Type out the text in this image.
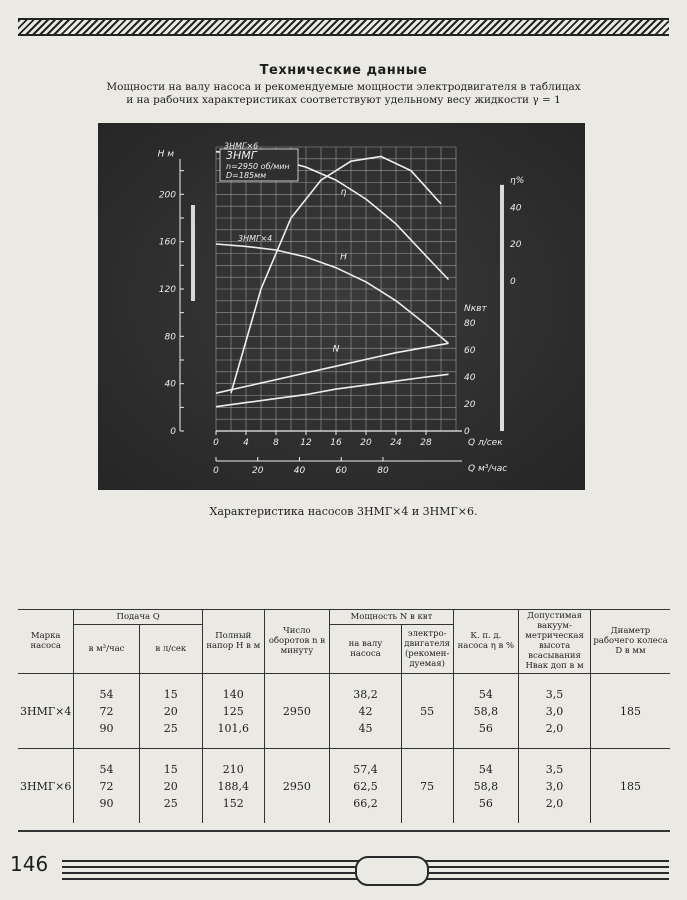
Технические данные
Мощности на валу насоса и рекомендуемые мощности электродвигателя в таблицах
и на рабочих характеристиках соответствуют удельному весу жидкости γ = 1
0	4	8 12 16 20 24 28	Q л/сек
0	20	40	60	80	Q м³/час
0
40
80
120
160
200
H м
0
20
40
η%
0
20
40
60
80
Nквт
3НМГ
n=2950 об/мин
D=185мм
3НМГ×6
3НМГ×4
η
H
N
Характеристика насосов 3НМГ×4 и 3НМГ×6.
Марка насоса	Подача Q		Полный напор H в м	Число оборотов n в минуту	Мощность N в квт		К. п. д. насоса η в %	Допустимая вакуум-метрическая высота всасывания Hвак доп в м	Диаметр рабочего колеса D в мм
	в м³/час	в л/сек			на валу насоса	электро-двигателя (рекомен-дуемая)			
3НМГ×4	54
72
90	15
20
25	140
125
101,6	2950	38,2
42
45	55	54
58,8
56	3,5
3,0
2,0	185
3НМГ×6	54
72
90	15
20
25	210
188,4
152	2950	57,4
62,5
66,2	75	54
58,8
56	3,5
3,0
2,0	185
146
